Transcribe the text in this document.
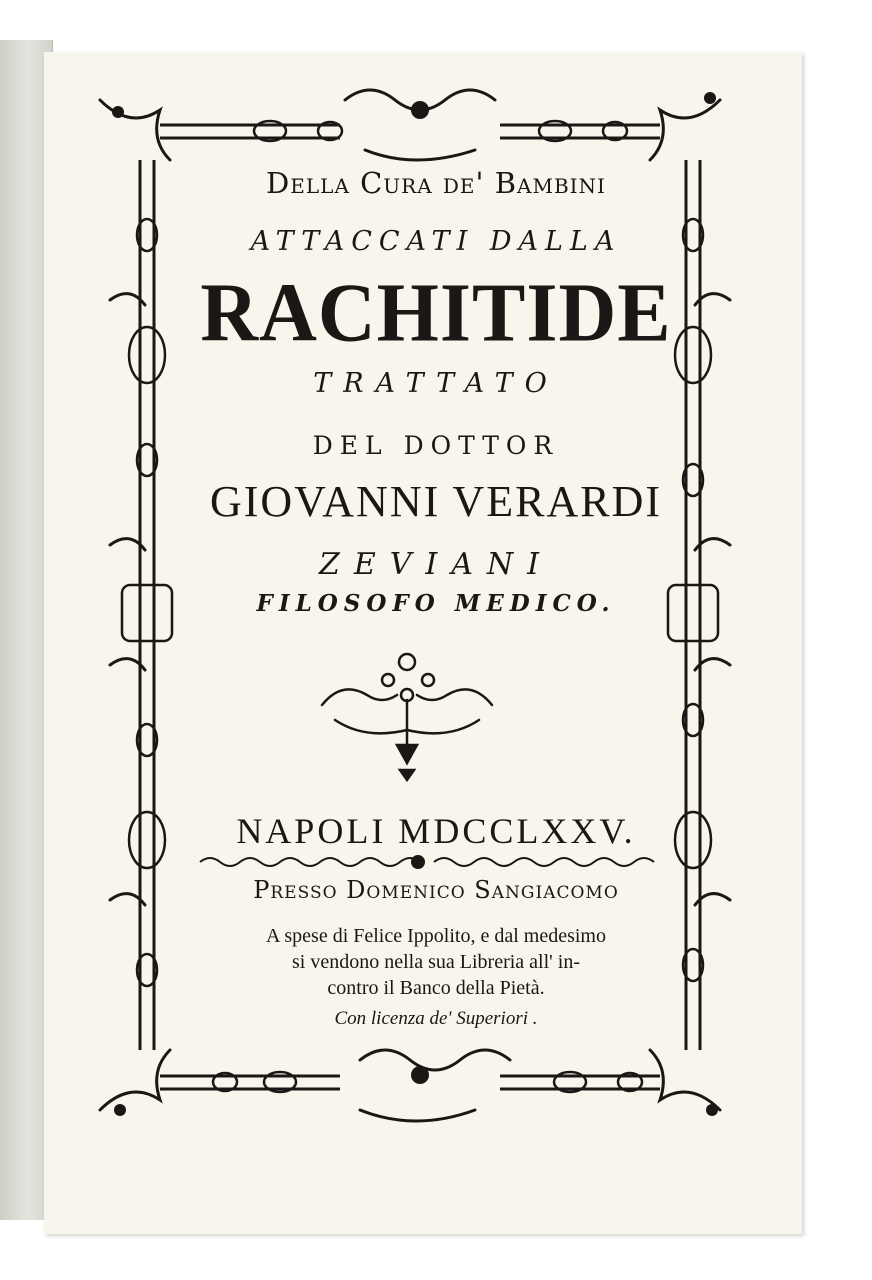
Della Cura de' Bambini

ATTACCATI DALLA

RACHITIDE

TRATTATO

DEL DOTTOR

GIOVANNI VERARDI

ZEVIANI

FILOSOFO MEDICO.

NAPOLI MDCCLXXV.

Presso Domenico Sangiacomo

A spese di Felice Ippolito, e dal medesimo

si vendono nella sua Libreria all' in-

contro il Banco della Pietà.

Con licenza de' Superiori .
